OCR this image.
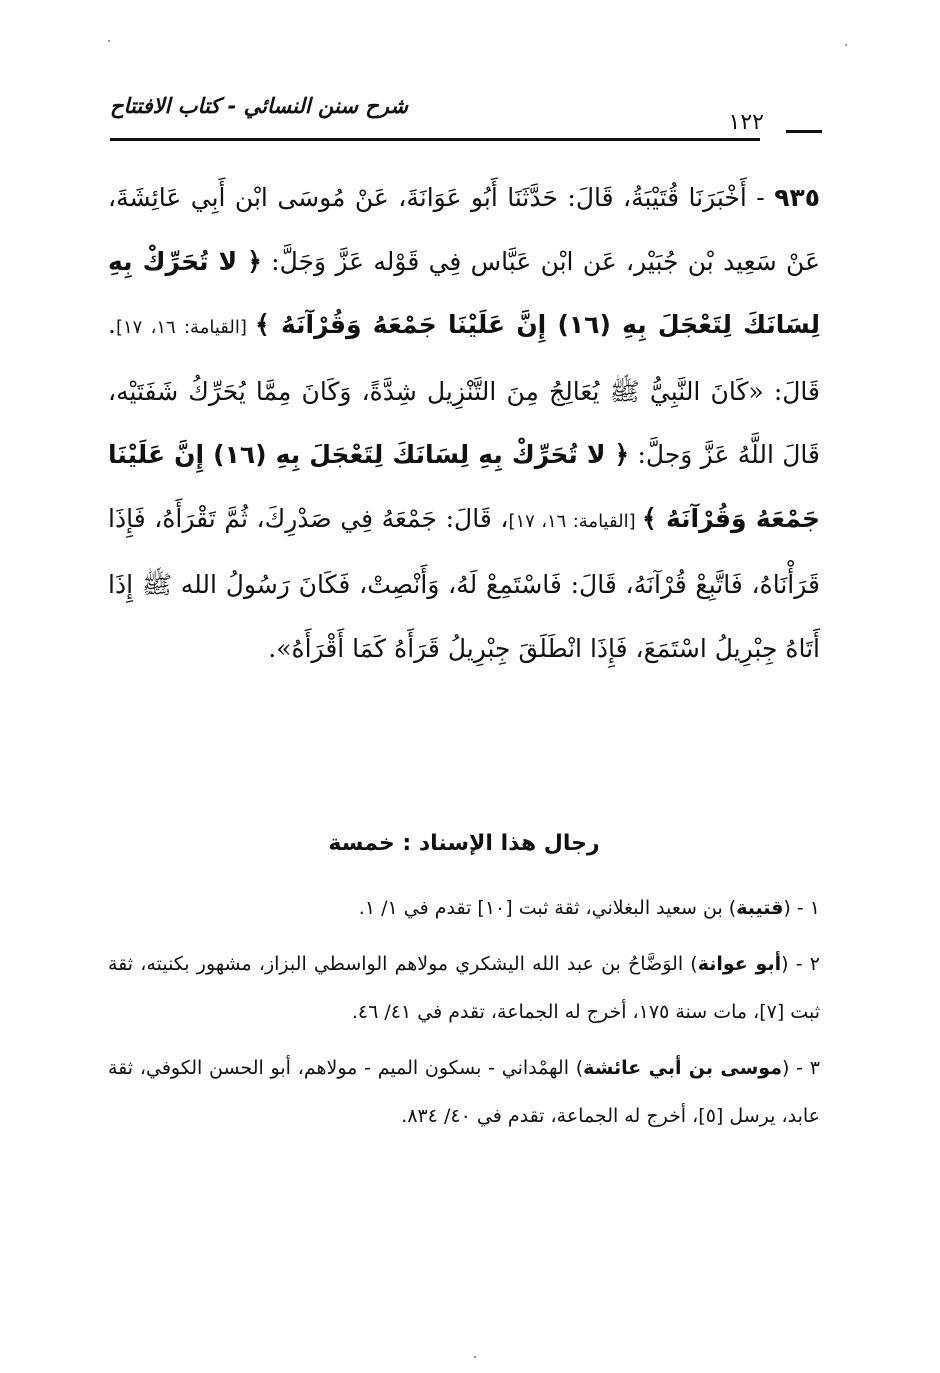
شرح سنن النسائي - كتاب الافتتاح
١٢٢
٩٣٥ - أَخْبَرَنَا قُتَيْبَةُ، قَالَ: حَدَّثَنَا أَبُو عَوَانَةَ، عَنْ مُوسَى ابْن أَبِي عَائِشَةَ، عَنْ سَعِيد بْن جُبَيْر، عَن ابْن عَبَّاس فِي قَوْله عَزَّ وَجَلَّ: ﴿ لا تُحَرِّكْ بِهِ لِسَانَكَ لِتَعْجَلَ بِهِ (١٦) إِنَّ عَلَيْنَا جَمْعَهُ وَقُرْآنَهُ ﴾ [القيامة: ١٦، ١٧]. قَالَ: «كَانَ النَّبِيُّ ﷺ يُعَالِجُ مِنَ التَّنْزِيل شِدَّةً، وَكَانَ مِمَّا يُحَرِّكُ شَفَتَيْه، قَالَ اللَّهُ عَزَّ وَجلَّ: ﴿ لا تُحَرِّكْ بِهِ لِسَانَكَ لِتَعْجَلَ بِهِ (١٦) إِنَّ عَلَيْنَا جَمْعَهُ وَقُرْآنَهُ ﴾ [القيامة: ١٦، ١٧]، قَالَ: جَمْعَهُ فِي صَدْرِكَ، ثُمَّ تَقْرَأَهُ، فَإِذَا قَرَأْنَاهُ، فَاتَّبِعْ قُرْآنَهُ، قَالَ: فَاسْتَمِعْ لَهُ، وَأَنْصِتْ، فَكَانَ رَسُولُ الله ﷺ إِذَا أَتَاهُ جِبْرِيلُ اسْتَمَعَ، فَإِذَا انْطَلَقَ جِبْرِيلُ قَرَأَهُ كَمَا أَقْرَأَهُ».
رجال هذا الإسناد : خمسة
١ - (قتيبة) بن سعيد البغلاني، ثقة ثبت [١٠] تقدم في ١/ ١.
٢ - (أبو عوانة) الوَضَّاحُ بن عبد الله اليشكري مولاهم الواسطي البزاز، مشهور بكنيته، ثقة ثبت [٧]، مات سنة ١٧٥، أخرج له الجماعة، تقدم في ٤١/ ٤٦.
٣ - (موسى بن أبي عائشة) الهمْداني - بسكون الميم - مولاهم، أبو الحسن الكوفي، ثقة عابد، يرسل [٥]، أخرج له الجماعة، تقدم في ٤٠/ ٨٣٤.
